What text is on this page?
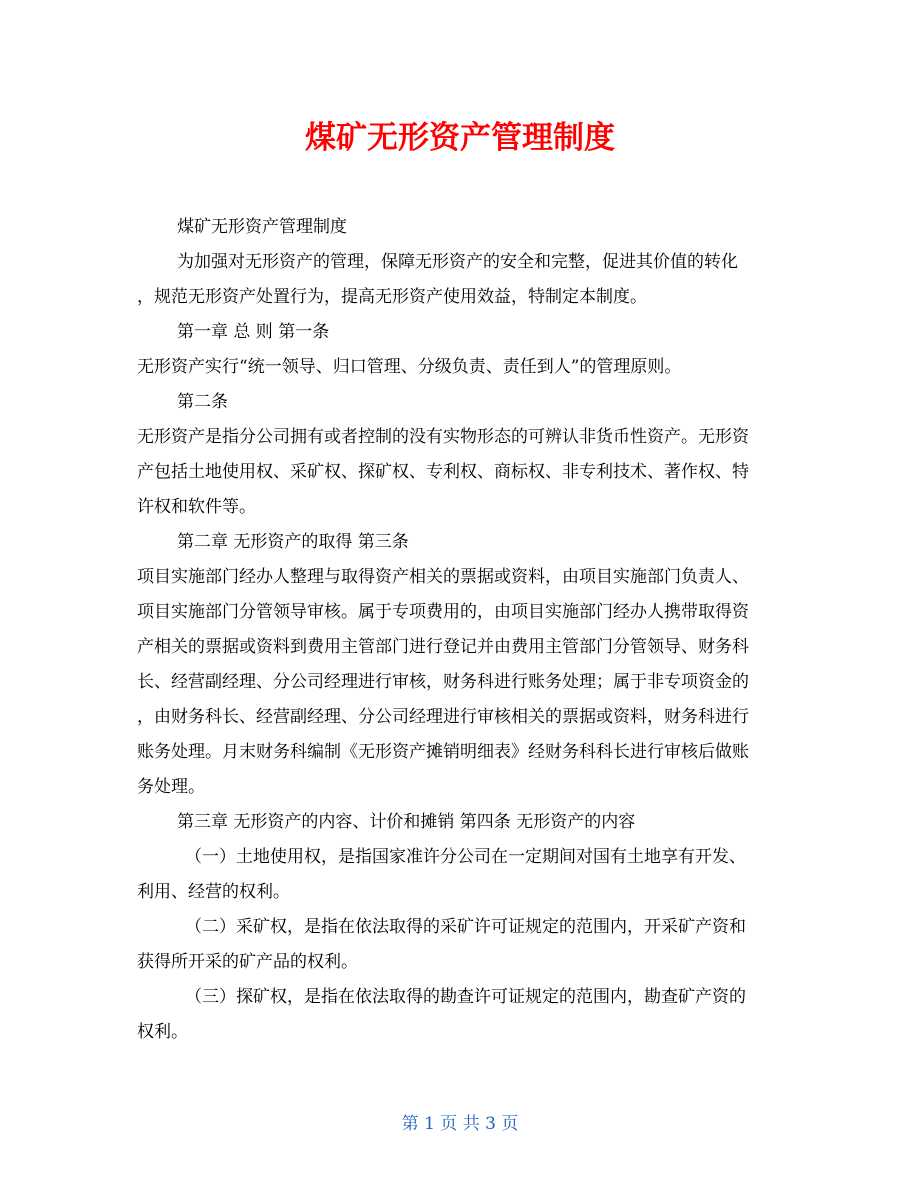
煤矿无形资产管理制度
煤矿无形资产管理制度
为加强对无形资产的管理，保障无形资产的安全和完整，促进其价值的转化
，规范无形资产处置行为，提高无形资产使用效益，特制定本制度。
第一章 总 则 第一条
无形资产实行“统一领导、归口管理、分级负责、责任到人”的管理原则。
第二条
无形资产是指分公司拥有或者控制的没有实物形态的可辨认非货币性资产。无形资
产包括土地使用权、采矿权、探矿权、专利权、商标权、非专利技术、著作权、特
许权和软件等。
第二章 无形资产的取得 第三条
项目实施部门经办人整理与取得资产相关的票据或资料，由项目实施部门负责人、
项目实施部门分管领导审核。属于专项费用的，由项目实施部门经办人携带取得资
产相关的票据或资料到费用主管部门进行登记并由费用主管部门分管领导、财务科
长、经营副经理、分公司经理进行审核，财务科进行账务处理；属于非专项资金的
，由财务科长、经营副经理、分公司经理进行审核相关的票据或资料，财务科进行
账务处理。月末财务科编制《无形资产摊销明细表》经财务科科长进行审核后做账
务处理。
第三章 无形资产的内容、计价和摊销 第四条 无形资产的内容
（一）土地使用权，是指国家准许分公司在一定期间对国有土地享有开发、
利用、经营的权利。
（二）采矿权，是指在依法取得的采矿许可证规定的范围内，开采矿产资和
获得所开采的矿产品的权利。
（三）探矿权，是指在依法取得的勘查许可证规定的范围内，勘查矿产资的
权利。
第 1 页 共 3 页
